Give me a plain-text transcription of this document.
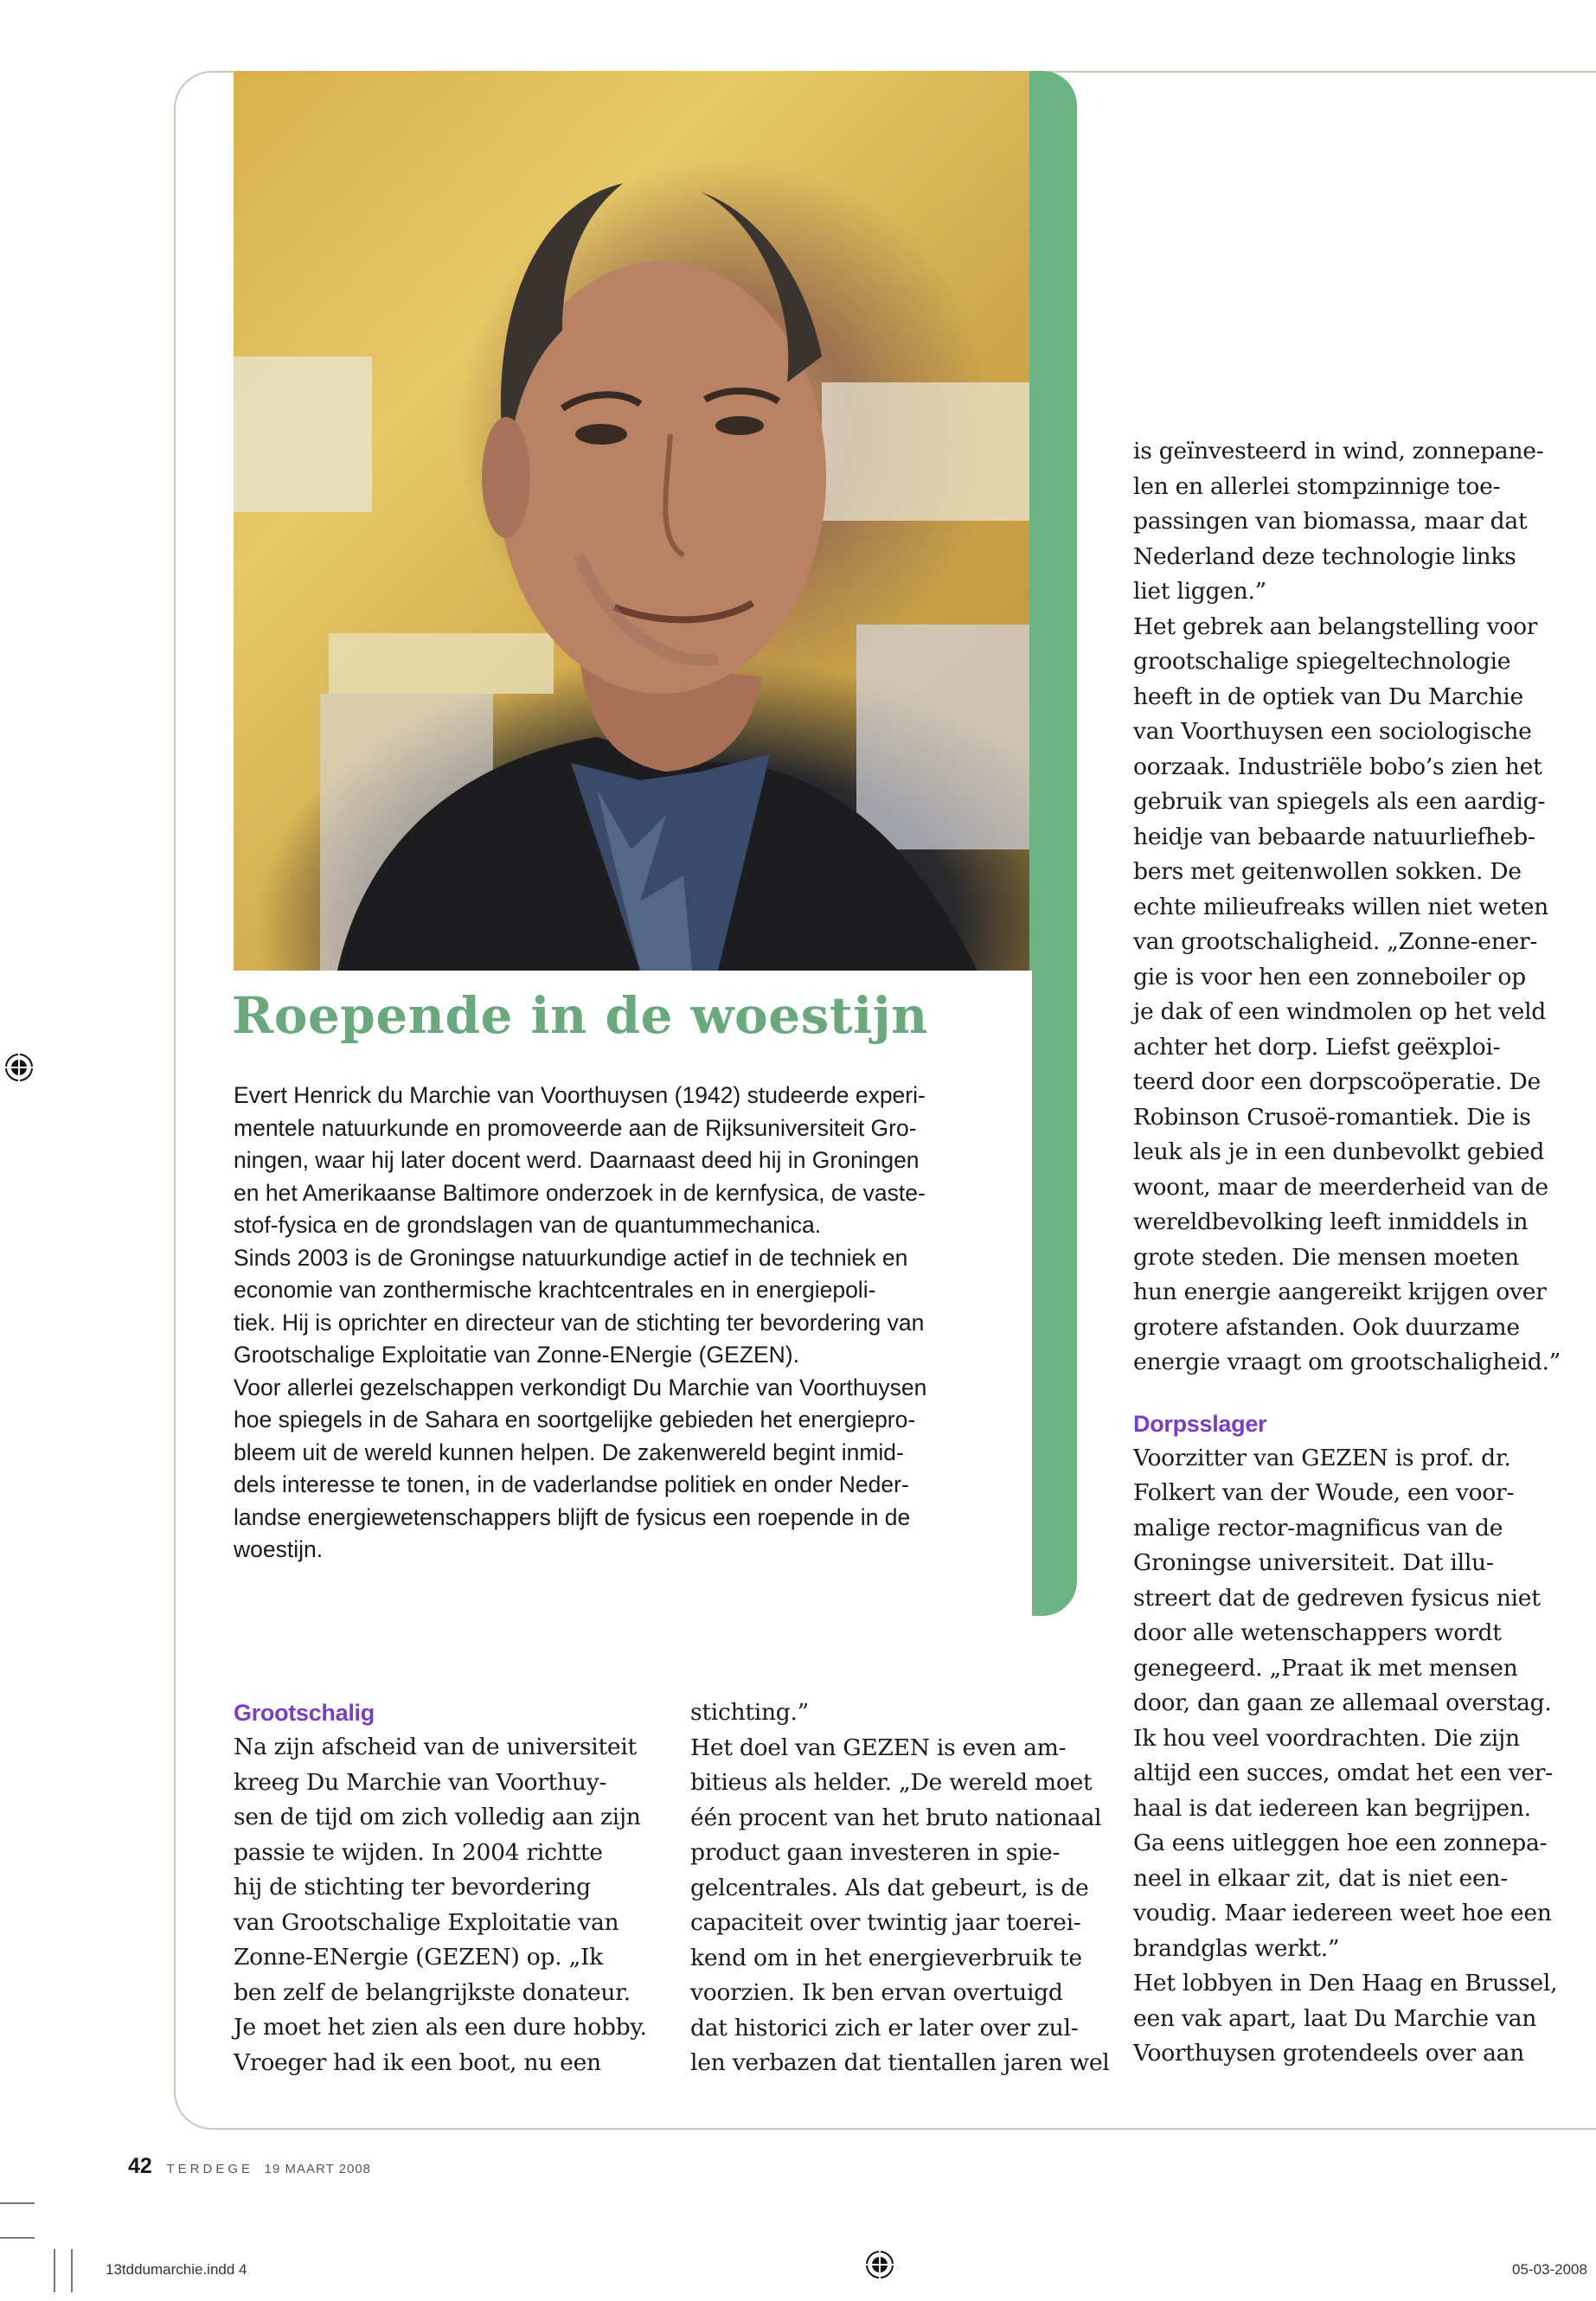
Roepende in de woestijn

Evert Henrick du Marchie van Voorthuysen (1942) studeerde experi-

mentele natuurkunde en promoveerde aan de Rijksuniversiteit Gro-

ningen, waar hij later docent werd. Daarnaast deed hij in Groningen

en het Amerikaanse Baltimore onderzoek in de kernfysica, de vaste-

stof-fysica en de grondslagen van de quantummechanica.

Sinds 2003 is de Groningse natuurkundige actief in de techniek en

economie van zonthermische krachtcentrales en in energiepoli-

tiek. Hij is oprichter en directeur van de stichting ter bevordering van

Grootschalige Exploitatie van Zonne-ENergie (GEZEN).

Voor allerlei gezelschappen verkondigt Du Marchie van Voorthuysen

hoe spiegels in de Sahara en soortgelijke gebieden het energiepro-

bleem uit de wereld kunnen helpen. De zakenwereld begint inmid-

dels interesse te tonen, in de vaderlandse politiek en onder Neder-

landse energiewetenschappers blijft de fysicus een roepende in de

woestijn.

Grootschalig

Na zijn afscheid van de universiteit

kreeg Du Marchie van Voorthuy-

sen de tijd om zich volledig aan zijn

passie te wijden. In 2004 richtte

hij de stichting ter bevordering

van Grootschalige Exploitatie van

Zonne-ENergie (GEZEN) op. „Ik

ben zelf de belangrijkste donateur.

Je moet het zien als een dure hobby.

Vroeger had ik een boot, nu een

stichting.”

Het doel van GEZEN is even am-

bitieus als helder. „De wereld moet

één procent van het bruto nationaal

product gaan investeren in spie-

gelcentrales. Als dat gebeurt, is de

capaciteit over twintig jaar toerei-

kend om in het energieverbruik te

voorzien. Ik ben ervan overtuigd

dat historici zich er later over zul-

len verbazen dat tientallen jaren wel

is geïnvesteerd in wind, zonnepane-

len en allerlei stompzinnige toe-

passingen van biomassa, maar dat

Nederland deze technologie links

liet liggen.”

Het gebrek aan belangstelling voor

grootschalige spiegeltechnologie

heeft in de optiek van Du Marchie

van Voorthuysen een sociologische

oorzaak. Industriële bobo’s zien het

gebruik van spiegels als een aardig-

heidje van bebaarde natuurliefheb-

bers met geitenwollen sokken. De

echte milieufreaks willen niet weten

van grootschaligheid. „Zonne-ener-

gie is voor hen een zonneboiler op

je dak of een windmolen op het veld

achter het dorp. Liefst geëxploi-

teerd door een dorpscoöperatie. De

Robinson Crusoë-romantiek. Die is

leuk als je in een dunbevolkt gebied

woont, maar de meerderheid van de

wereldbevolking leeft inmiddels in

grote steden. Die mensen moeten

hun energie aangereikt krijgen over

grotere afstanden. Ook duurzame

energie vraagt om grootschaligheid.”

Dorpsslager

Voorzitter van GEZEN is prof. dr.

Folkert van der Woude, een voor-

malige rector-magnificus van de

Groningse universiteit. Dat illu-

streert dat de gedreven fysicus niet

door alle wetenschappers wordt

genegeerd. „Praat ik met mensen

door, dan gaan ze allemaal overstag.

Ik hou veel voordrachten. Die zijn

altijd een succes, omdat het een ver-

haal is dat iedereen kan begrijpen.

Ga eens uitleggen hoe een zonnepa-

neel in elkaar zit, dat is niet een-

voudig. Maar iedereen weet hoe een

brandglas werkt.”

Het lobbyen in Den Haag en Brussel,

een vak apart, laat Du Marchie van

Voorthuysen grotendeels over aan

42 TERDEGE 19 MAART 2008
13tddumarchie.indd 4	05-03-2008
